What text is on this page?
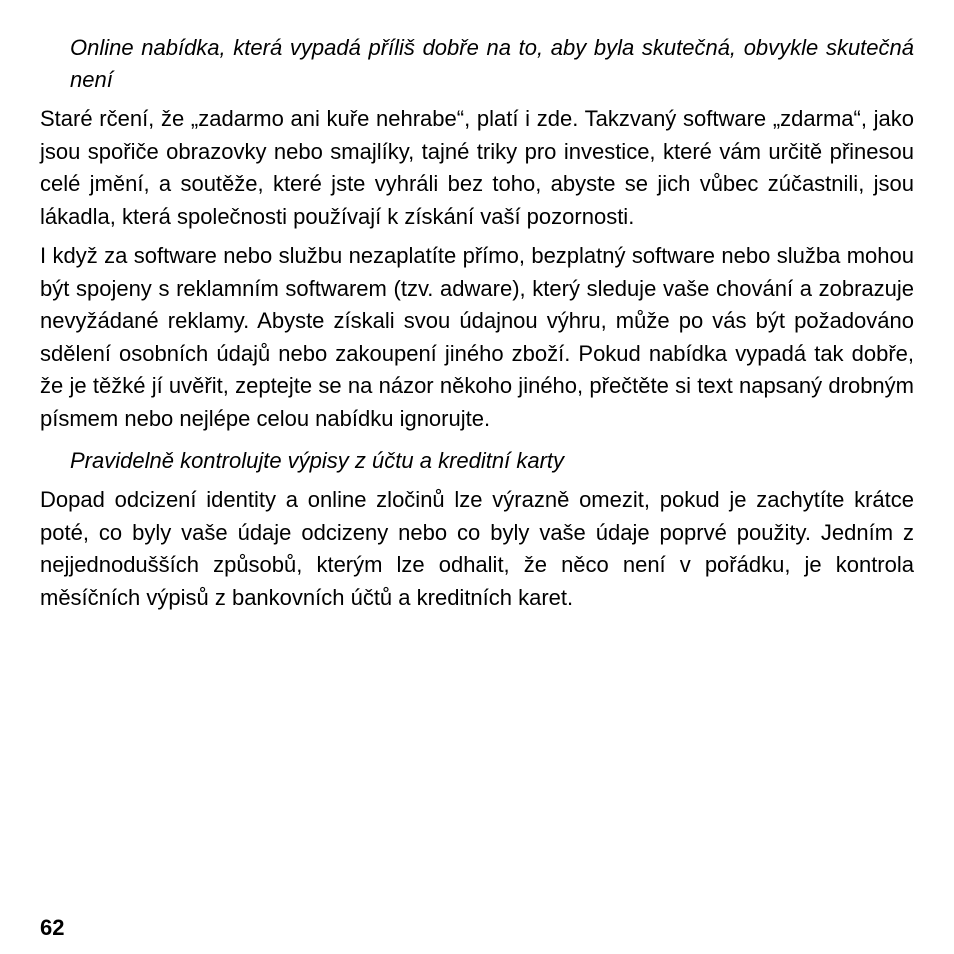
Online nabídka, která vypadá příliš dobře na to, aby byla skutečná, obvykle skutečná není

Staré rčení, že „zadarmo ani kuře nehrabe“, platí i zde. Takzvaný software „zdarma“, jako jsou spořiče obrazovky nebo smajlíky, tajné triky pro investice, které vám určitě přinesou celé jmění, a soutěže, které jste vyhráli bez toho, abyste se jich vůbec zúčastnili, jsou lákadla, která společnosti používají k získání vaší pozornosti.

I když za software nebo službu nezaplatíte přímo, bezplatný software nebo služba mohou být spojeny s reklamním softwarem (tzv. adware), který sleduje vaše chování a zobrazuje nevyžádané reklamy. Abyste získali svou údajnou výhru, může po vás být požadováno sdělení osobních údajů nebo zakoupení jiného zboží. Pokud nabídka vypadá tak dobře, že je těžké jí uvěřit, zeptejte se na názor někoho jiného, přečtěte si text napsaný drobným písmem nebo nejlépe celou nabídku ignorujte.

Pravidelně kontrolujte výpisy z účtu a kreditní karty

Dopad odcizení identity a online zločinů lze výrazně omezit, pokud je zachytíte krátce poté, co byly vaše údaje odcizeny nebo co byly vaše údaje poprvé použity. Jedním z nejjednodušších způsobů, kterým lze odhalit, že něco není v pořádku, je kontrola měsíčních výpisů z bankovních účtů a kreditních karet.

62
